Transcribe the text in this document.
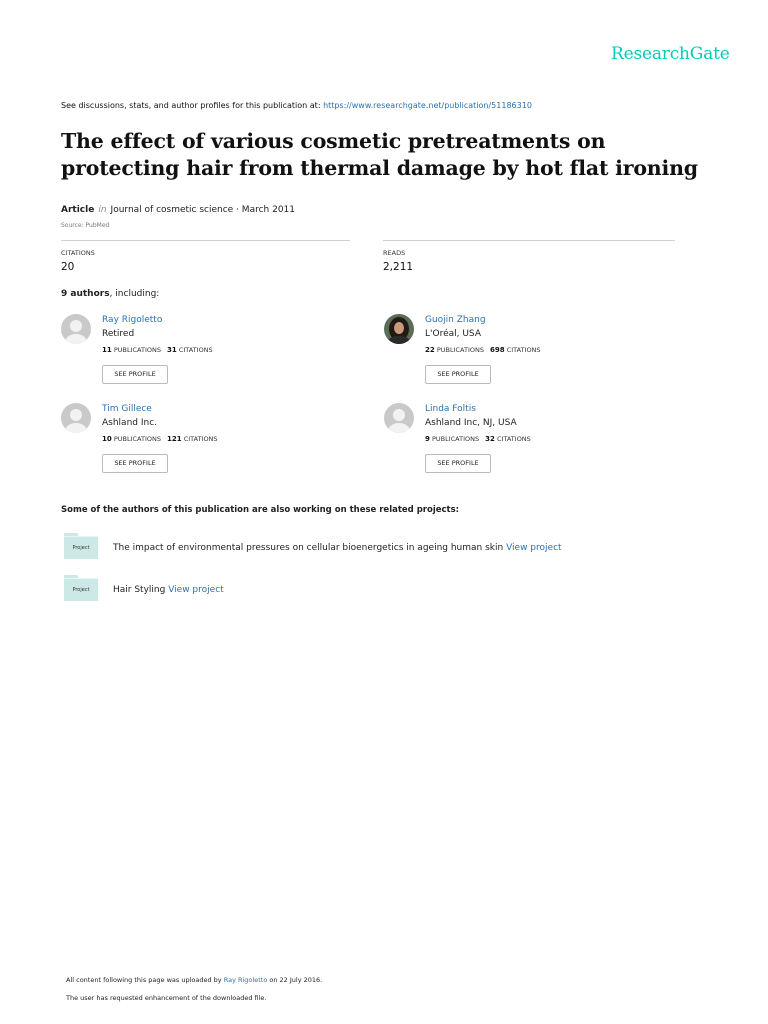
ResearchGate
See discussions, stats, and author profiles for this publication at: https://www.researchgate.net/publication/51186310
The effect of various cosmetic pretreatments on protecting hair from thermal damage by hot flat ironing
Article in Journal of cosmetic science · March 2011
Source: PubMed
CITATIONS
20
READS
2,211
9 authors, including:
Ray Rigoletto
Retired
11 PUBLICATIONS 31 CITATIONS
SEE PROFILE
Guojin Zhang
L'Oréal, USA
22 PUBLICATIONS 698 CITATIONS
SEE PROFILE
Tim Gillece
Ashland Inc.
10 PUBLICATIONS 121 CITATIONS
SEE PROFILE
Linda Foltis
Ashland Inc, NJ, USA
9 PUBLICATIONS 32 CITATIONS
SEE PROFILE
Some of the authors of this publication are also working on these related projects:
Project	The impact of environmental pressures on cellular bioenergetics in ageing human skin View project
Project	Hair Styling View project
All content following this page was uploaded by Ray Rigoletto on 22 July 2016.
The user has requested enhancement of the downloaded file.
